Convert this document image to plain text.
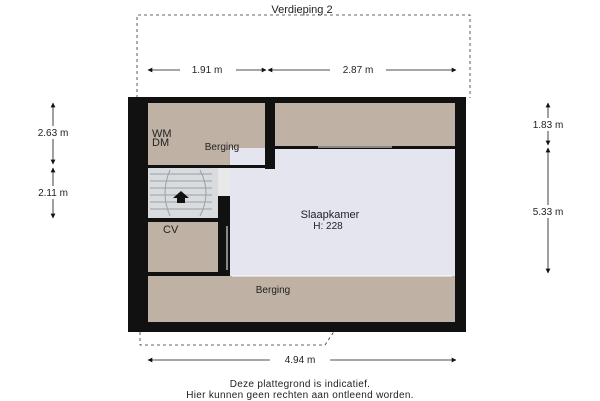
Verdieping 2
WM
DM	Berging
CV
Slaapkamer
H: 228
Berging
1.91 m	2.87 m
2.63 m
2.11 m
1.83 m
5.33 m
4.94 m
Deze plattegrond is indicatief.
Hier kunnen geen rechten aan ontleend worden.
